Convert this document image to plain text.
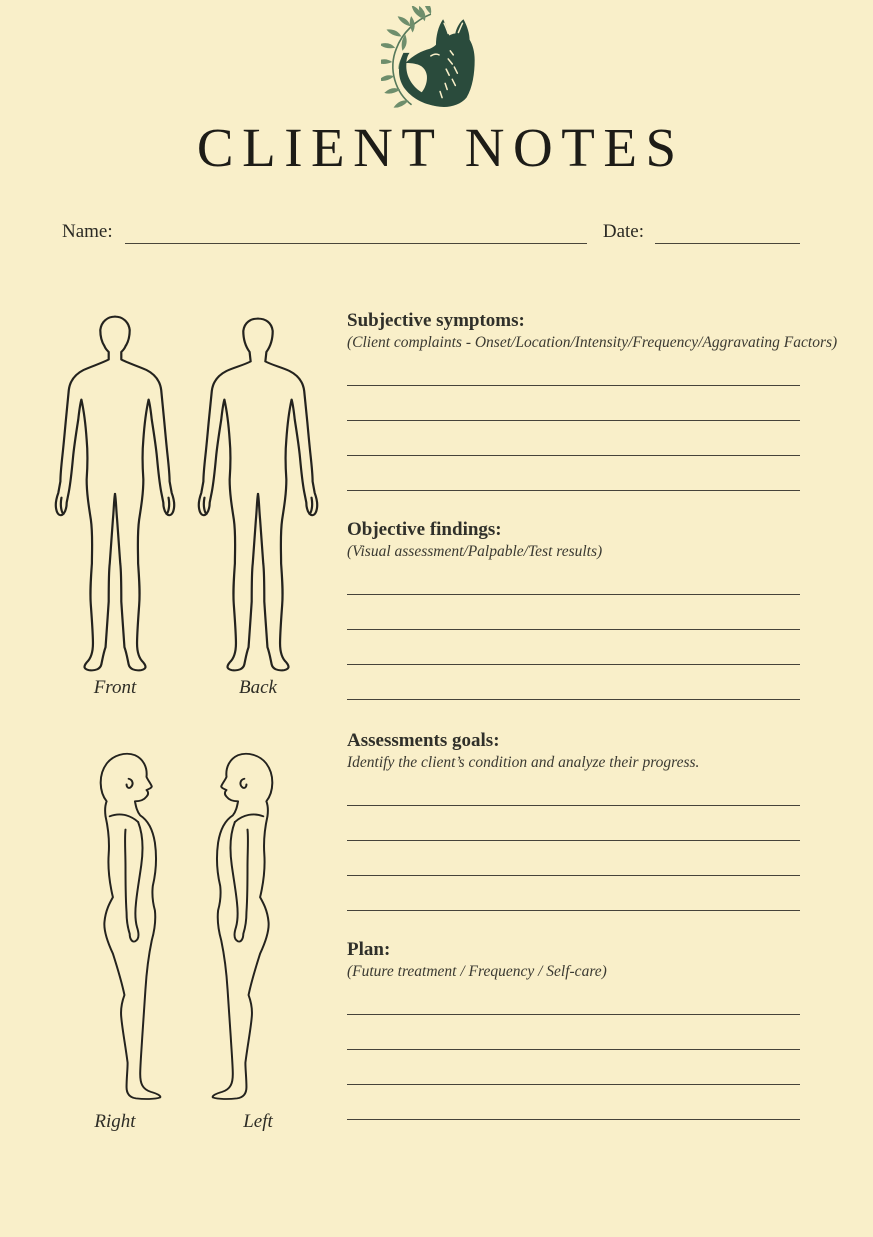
CLIENT NOTES
Name:	Date:
Front	Back
Right	Left
Subjective symptoms:
(Client complaints - Onset/Location/Intensity/Frequency/Aggravating Factors)
Objective findings:
(Visual assessment/Palpable/Test results)
Assessments goals:
Identify the client’s condition and analyze their progress.
Plan:
(Future treatment / Frequency / Self-care)
